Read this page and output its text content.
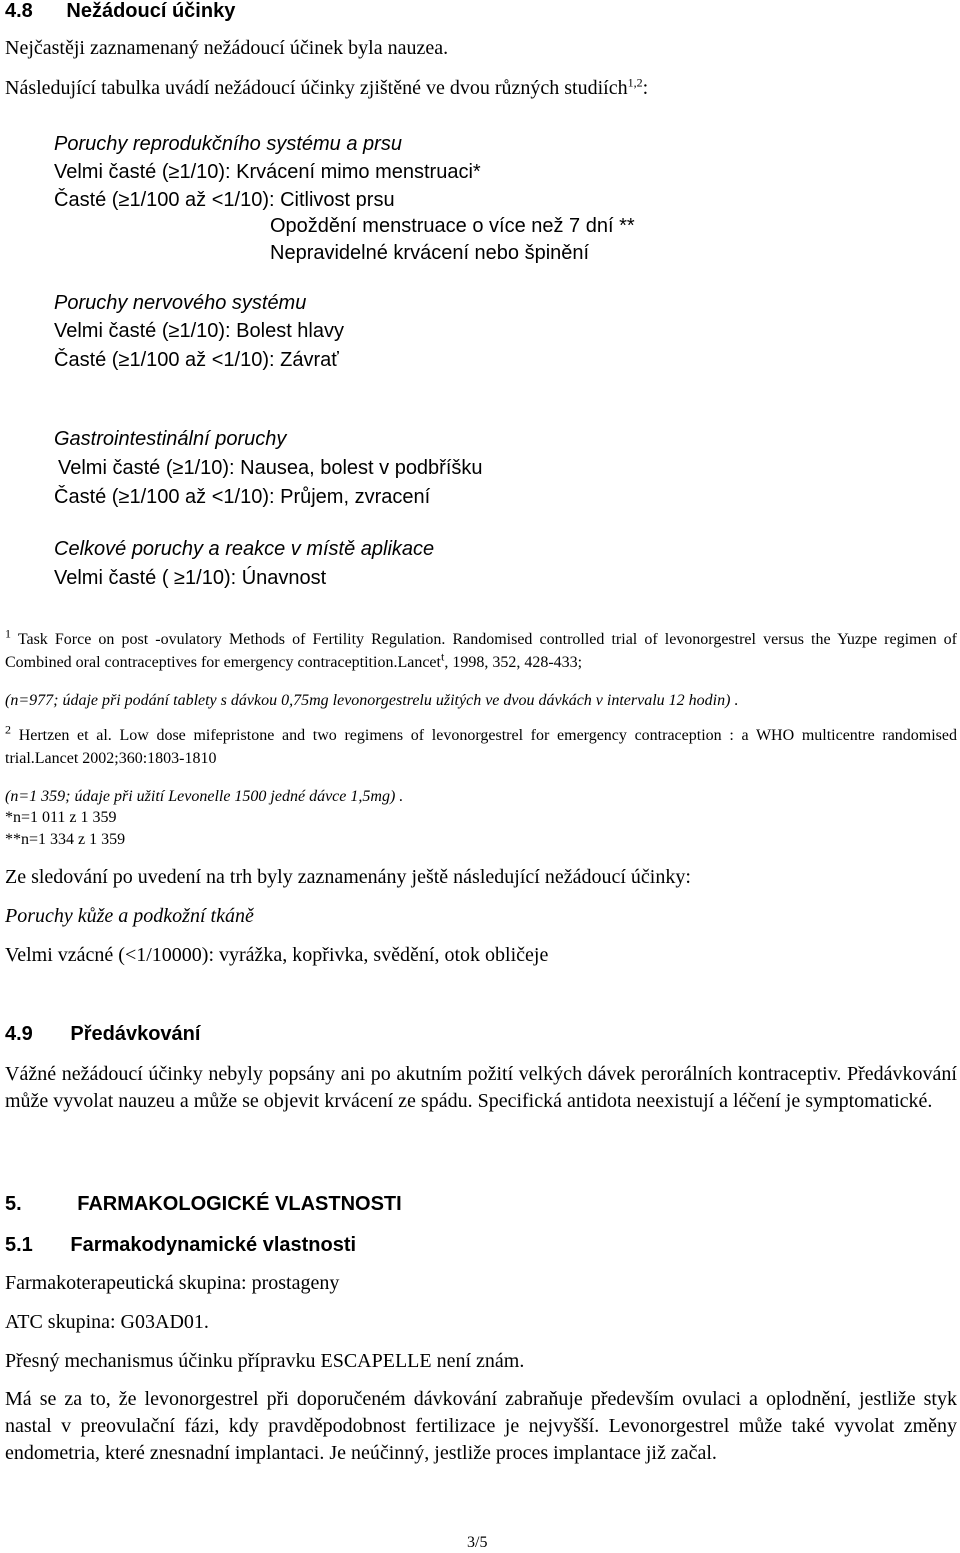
4.8 Nežádoucí účinky
Nejčastěji zaznamenaný nežádoucí účinek byla nauzea.
Následující tabulka uvádí nežádoucí účinky zjištěné ve dvou různých studiích$^{1,2}$:
Poruchy reprodukčního systému a prsu
Velmi časté (≥1/10): Krvácení mimo menstruaci*
Časté (≥1/100 až <1/10): Citlivost prsu
Opoždění menstruace o více než 7 dní **
Nepravidelné krvácení nebo špinění
Poruchy nervového systému
Velmi časté (≥1/10): Bolest hlavy
Časté (≥1/100 až <1/10): Závrať
Gastrointestinální poruchy
Velmi časté (≥1/10): Nausea, bolest v podbříšku
Časté (≥1/100 až <1/10): Průjem, zvracení
Celkové poruchy a reakce v místě aplikace
Velmi časté ( ≥1/10): Únavnost
$^1$ Task Force on post -ovulatory Methods of Fertility Regulation. Randomised controlled trial of levonorgestrel versus the Yuzpe regimen of Combined oral contraceptives for emergency contraceptition.Lancet$^t$, 1998, 352, 428-433;
(n=977; údaje při podání tablety s dávkou 0,75mg levonorgestrelu užitých ve dvou dávkách v intervalu 12 hodin) .
$^2$ Hertzen et al. Low dose mifepristone and two regimens of levonorgestrel for emergency contraception : a WHO multicentre randomised trial.Lancet 2002;360:1803-1810
(n=1 359; údaje při užití Levonelle 1500 jedné dávce 1,5mg) .
*n=1 011 z 1 359
**n=1 334 z 1 359
Ze sledování po uvedení na trh byly zaznamenány ještě následující nežádoucí účinky:
Poruchy kůže a podkožní tkáně
Velmi vzácné (<1/10000): vyrážka, kopřivka, svědění, otok obličeje
4.9 Předávkování
Vážné nežádoucí účinky nebyly popsány ani po akutním požití velkých dávek perorálních kontraceptiv. Předávkování může vyvolat nauzeu a může se objevit krvácení ze spádu. Specifická antidota neexistují a léčení je symptomatické.
5.	FARMAKOLOGICKÉ VLASTNOSTI
5.1 Farmakodynamické vlastnosti
Farmakoterapeutická skupina: prostageny
ATC skupina: G03AD01.
Přesný mechanismus účinku přípravku ESCAPELLE není znám.
Má se za to, že levonorgestrel při doporučeném dávkování zabraňuje především ovulaci a oplodnění, jestliže styk nastal v preovulační fázi, kdy pravděpodobnost fertilizace je nejvyšší. Levonorgestrel může také vyvolat změny endometria, které znesnadní implantaci. Je neúčinný, jestliže proces implantace již začal.
3/5
